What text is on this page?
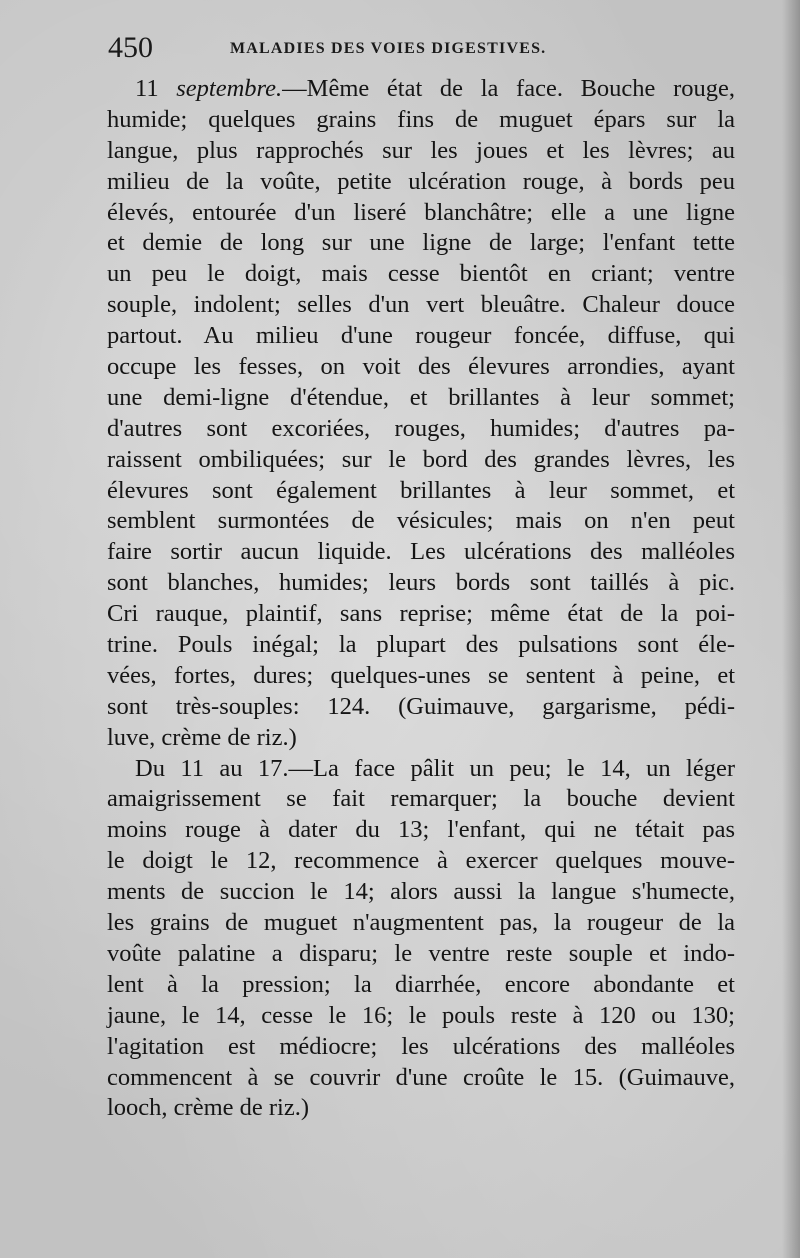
450	MALADIES DES VOIES DIGESTIVES.
11 septembre.—Même état de la face. Bouche rouge,
humide; quelques grains fins de muguet épars sur la
langue, plus rapprochés sur les joues et les lèvres; au
milieu de la voûte, petite ulcération rouge, à bords peu
élevés, entourée d'un liseré blanchâtre; elle a une ligne
et demie de long sur une ligne de large; l'enfant tette
un peu le doigt, mais cesse bientôt en criant; ventre
souple, indolent; selles d'un vert bleuâtre. Chaleur douce
partout. Au milieu d'une rougeur foncée, diffuse, qui
occupe les fesses, on voit des élevures arrondies, ayant
une demi-ligne d'étendue, et brillantes à leur sommet;
d'autres sont excoriées, rouges, humides; d'autres pa-
raissent ombiliquées; sur le bord des grandes lèvres, les
élevures sont également brillantes à leur sommet, et
semblent surmontées de vésicules; mais on n'en peut
faire sortir aucun liquide. Les ulcérations des malléoles
sont blanches, humides; leurs bords sont taillés à pic.
Cri rauque, plaintif, sans reprise; même état de la poi-
trine. Pouls inégal; la plupart des pulsations sont éle-
vées, fortes, dures; quelques-unes se sentent à peine, et
sont très-souples: 124. (Guimauve, gargarisme, pédi-
luve, crème de riz.)
Du 11 au 17.—La face pâlit un peu; le 14, un léger
amaigrissement se fait remarquer; la bouche devient
moins rouge à dater du 13; l'enfant, qui ne tétait pas
le doigt le 12, recommence à exercer quelques mouve-
ments de succion le 14; alors aussi la langue s'humecte,
les grains de muguet n'augmentent pas, la rougeur de la
voûte palatine a disparu; le ventre reste souple et indo-
lent à la pression; la diarrhée, encore abondante et
jaune, le 14, cesse le 16; le pouls reste à 120 ou 130;
l'agitation est médiocre; les ulcérations des malléoles
commencent à se couvrir d'une croûte le 15. (Guimauve,
looch, crème de riz.)
